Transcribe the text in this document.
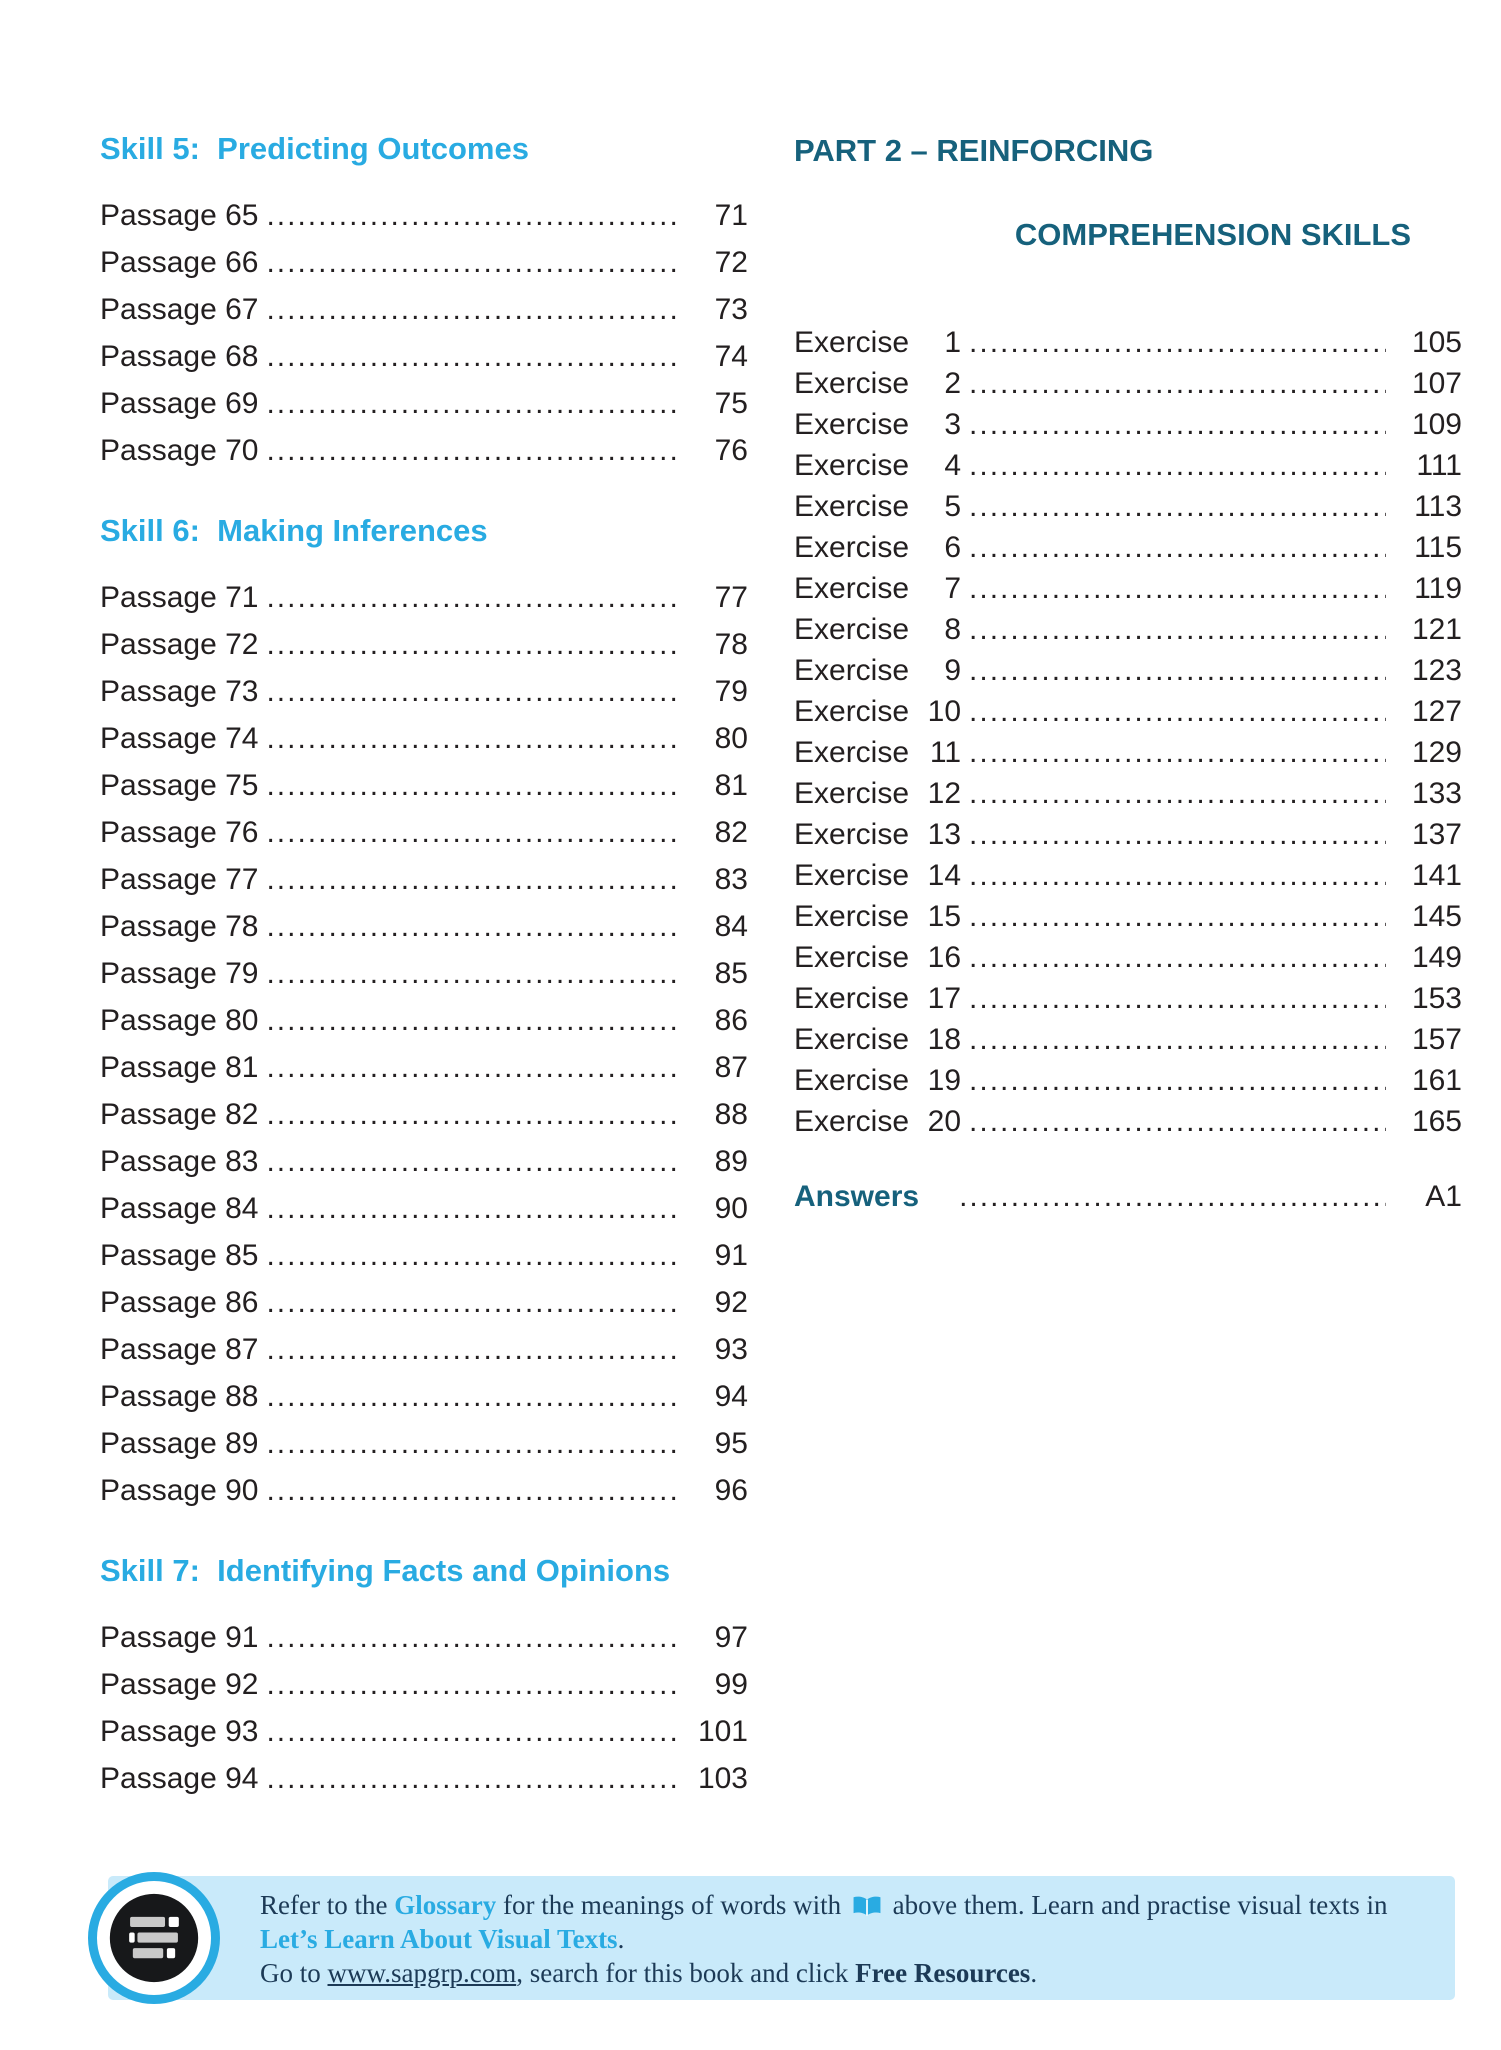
Skill 5:  Predicting Outcomes
Passage 65 .....	71
Passage 66 .....	72
Passage 67 .....	73
Passage 68 .....	74
Passage 69 .....	75
Passage 70 .....	76
Skill 6:  Making Inferences
Passage 71 .....	77
Passage 72 .....	78
Passage 73 .....	79
Passage 74 .....	80
Passage 75 .....	81
Passage 76 .....	82
Passage 77 .....	83
Passage 78 .....	84
Passage 79 .....	85
Passage 80 .....	86
Passage 81 .....	87
Passage 82 .....	88
Passage 83 .....	89
Passage 84 .....	90
Passage 85 .....	91
Passage 86 .....	92
Passage 87 .....	93
Passage 88 .....	94
Passage 89 .....	95
Passage 90 .....	96
Skill 7:  Identifying Facts and Opinions
Passage 91 .....	97
Passage 92 .....	99
Passage 93 .....	101
Passage 94 .....	103
PART 2 – REINFORCING

COMPREHENSION SKILLS

Exercise	1 .....	105
Exercise	2 .....	107
Exercise	3 .....	109
Exercise	4 .....	111
Exercise	5 .....	113
Exercise	6 .....	115
Exercise	7 .....	119
Exercise	8 .....	121
Exercise	9 .....	123
Exercise 10 .....	127
Exercise 11 .....	129
Exercise 12 .....	133
Exercise 13 .....	137
Exercise 14 .....	141
Exercise 15 .....	145
Exercise 16 .....	149
Exercise 17 .....	153
Exercise 18 .....	157
Exercise 19 .....	161
Exercise 20 .....	165
Answers .....	A1
Refer to the Glossary for the meanings of words with  above them. Learn and practise visual texts in
Let’s Learn About Visual Texts.
Go to www.sapgrp.com, search for this book and click Free Resources.
